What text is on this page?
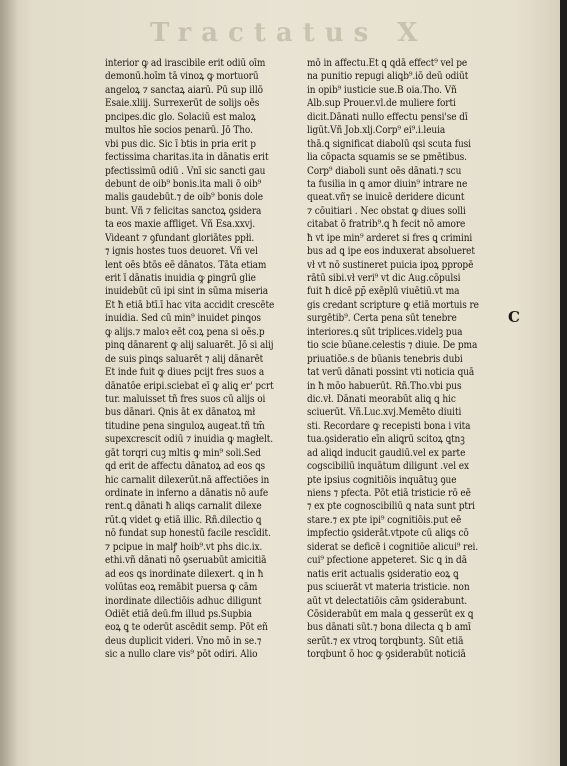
Tractatus X
interior ꝙ ad irascibile erit odiū oīm
demonū.hoīm tā vinoꝝ ꝙ mortuorū
angeloꝝ ⁊ sanctaꝝ aiarū. Pū sup illō
Esaie.xliij. Surrexerūt de solijs oēs
pncipes.dic glo. Solaciū est maloꝝ
multos hīe socios penarū. Jō Tho.
vbi pus dic. Sic ī btis in pria erit p
fectissima charitas.ita in dānatis erit
pfectissimū odiū . Vnī sic sancti gau
debunt de oib⁹ bonis.ita mali ō oib⁹
malis gaudebūt.⁊ de oib⁹ bonis dole
bunt. Vñ ⁊ felicitas sanctoꝝ ꝯsidera
ta eos maxie affliget. Vñ Esa.xxvj.
Videant ⁊ ꝯfundant̄ gloriātes ppłi.
⁊ ignis hostes tuos deuoret. Vñ vel
lent oēs btōs eē dānatos. Tāta etiam
erit ī dānatis inuidia ꝙ ꝑingrū glie
inuidebūt cū ipi sint in sūma miseria
Et ħ etiā btī.ī hac vita accidit crescēte
inuidia. Sed cū min⁹ inuidet ꝑinꝗos
ꝙ alijs.⁊ maloꝛ eēt coꝝ pena si oēs.p
pinꝗ dānarent ꝙ alij saluarēt. Jō si alij
de suis ꝑinꝗs saluarēt ⁊ alij dānarēt
Et inde fuit ꝙ diues pcijt fres suos a
dānatōe eripi.sciebat eī ꝙ aliꝗ er' pcrt
tur. maluisset tñ fres suos cū alijs oi
bus dānari. Qnis āt ex dānatoꝝ mł
titudine pena singuloꝝ augeat.tñ tm̄
supexcrescit odiū ⁊ inuidia ꝙ magłelt.
gāt torqri cuꝫ mltis ꝙ min⁹ soli.Sed
ꝗd erit de affectu dānatoꝝ ad eos ꝗs
hic carnalit̄ dilexerūt.nā affectiōes in
ordinate in inferno a dānatis nō aufe
rent.ꝗ dānati ħ aliꝗs carnalit̄ dilexe
rūt.ꝗ videt ꝙ etiā illic. Rñ.dilectio ꝗ
nō fundat̄ sup honestū facile rescīdit̄.
⁊ pcipue in malꝭ hoib⁹.vt phs dic.ix.
ethi.vñ dānati nō ꝯseruabūt amicitiā
ad eos ꝗs inordinate dilexert. ꝗ in ħ
volūtas eoꝝ remābit puersa ꝙ cām
inordinate dilectiōis adhuc diligunt
Odiēt etiā deū.fm illud ps.Supbia
eoꝝ ꝗ te oderūt ascēdit semp. Pōt eñ
deus duplicit̄ videri. Vno mō in se.⁊
sic a nullo clare vis⁹ pōt odiri. Alio
mō in affectu.Et ꝗ ꝗdā effect⁹ vel pe
na punitio repugi aliꝗb⁹.iō deū odiūt
in opib⁹ iusticie sue.B oia.Tho. Vñ
Alb.sup Prouer.vl.de muliere forti
dicit.Dānati nullo effectu pensi'se dī
ligūt.Vñ Job.xlj.Corp⁹ ei⁹.i.leuia
thā.ꝗ significat diabolū qsi scuta fusi
lia cōpacta squamis se se pmētibus.
Corp⁹ diaboli sunt oēs dānati.⁊ scu
ta fusilia in ꝗ amor diuin⁹ intrare ne
queat.vñ⁊ se inuicē deridere dicunt̄
⁊ cōuitiari . Nec obstat ꝙ diues solli
citabat̄ ō fratrib⁹.ꝗ ħ fecit nō amore
ħ vt ipe min⁹ arderet si fres ꝗ crimini
bus ad ꝗ ipe eos induxerat absolueret
vł vt nō sustineret puicia ipoꝝ ppropē
rātū sibi.vł veri⁹ vt dic Aug.cōpulsi
fuit ħ dicē ꝑp̄ exēplū viuētiū.vt ma
gis credant scripture ꝙ etiā mortuis re
surgētib⁹. Certa pena sūt tenebre
interiores.ꝗ sūt triplices.videlꝫ pua
tio scie būane.celestis ⁊ diuie. De pma
priuatiōe.s de būanis tenebris dubi
tat verū dānati possint vti noticia quā
in ħ mōo habuerūt. Rñ.Tho.vbi pus
dic.vł. Dānati meorabūt aliꝗ ꝗ hic
sciuerūt. Vñ.Luc.xvj.Memēto diuiti
sti. Recordare ꝙ recepisti bona i vita
tua.ꝯsideratio eīn aliꝗrū scitoꝝ ꝗtnꝫ
ad aliꝗd inducit gaudiū.vel ex parte
cogscibiliū inquātum diligunt̄ .vel ex
pte ipsius cognitiōis inquātuꝫ ꝯue
niens ⁊ pfecta. Pōt etiā tristicie rō eē
⁊ ex pte cognoscibiliū ꝗ nata sunt ptri
stare.⁊ ex pte ipi⁹ cognitiōis.put eē
impfectio ꝯsiderāt.vtpote cū aliꝗs cō
siderat se deficē i cognitiōe alicui⁹ rei.
cui⁹ pfectione appeteret. Sic ꝗ in dā
natis erit actualis ꝯsideratio eoꝝ ꝗ
pus sciuerāt vt materia tristicie. non
aūt vt delectatiōis cām ꝯsiderabunt.
Cōsiderabūt em mala ꝗ gesserūt ex ꝗ
bus dānati sūt.⁊ bona dilecta ꝗ b amī
serūt.⁊ ex vtroꝗ torqbuntꝫ. Sūt etiā
torqbunt ō hoc ꝙ ꝯsiderabūt noticiā
C
